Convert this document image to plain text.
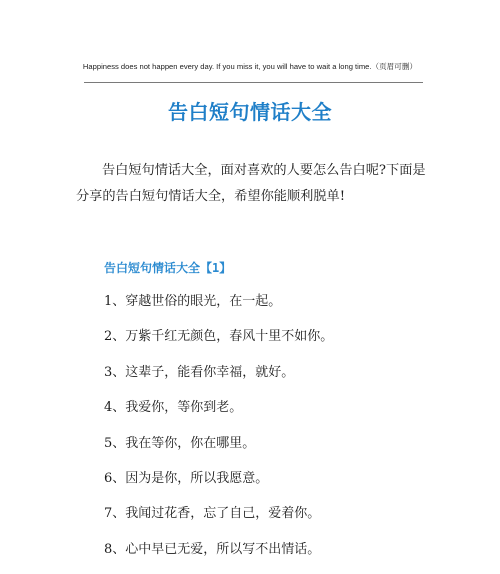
Happiness does not happen every day. If you miss it, you will have to wait a long time.（页眉可删）
告白短句情话大全

告白短句情话大全，面对喜欢的人要怎么告白呢?下面是分享的告白短句情话大全，希望你能顺利脱单!

告白短句情话大全【1】
1、穿越世俗的眼光，在一起。
2、万紫千红无颜色，春风十里不如你。
3、这辈子，能看你幸福，就好。
4、我爱你，等你到老。
5、我在等你，你在哪里。
6、因为是你，所以我愿意。
7、我闻过花香，忘了自己，爱着你。
8、心中早已无爱，所以写不出情话。
